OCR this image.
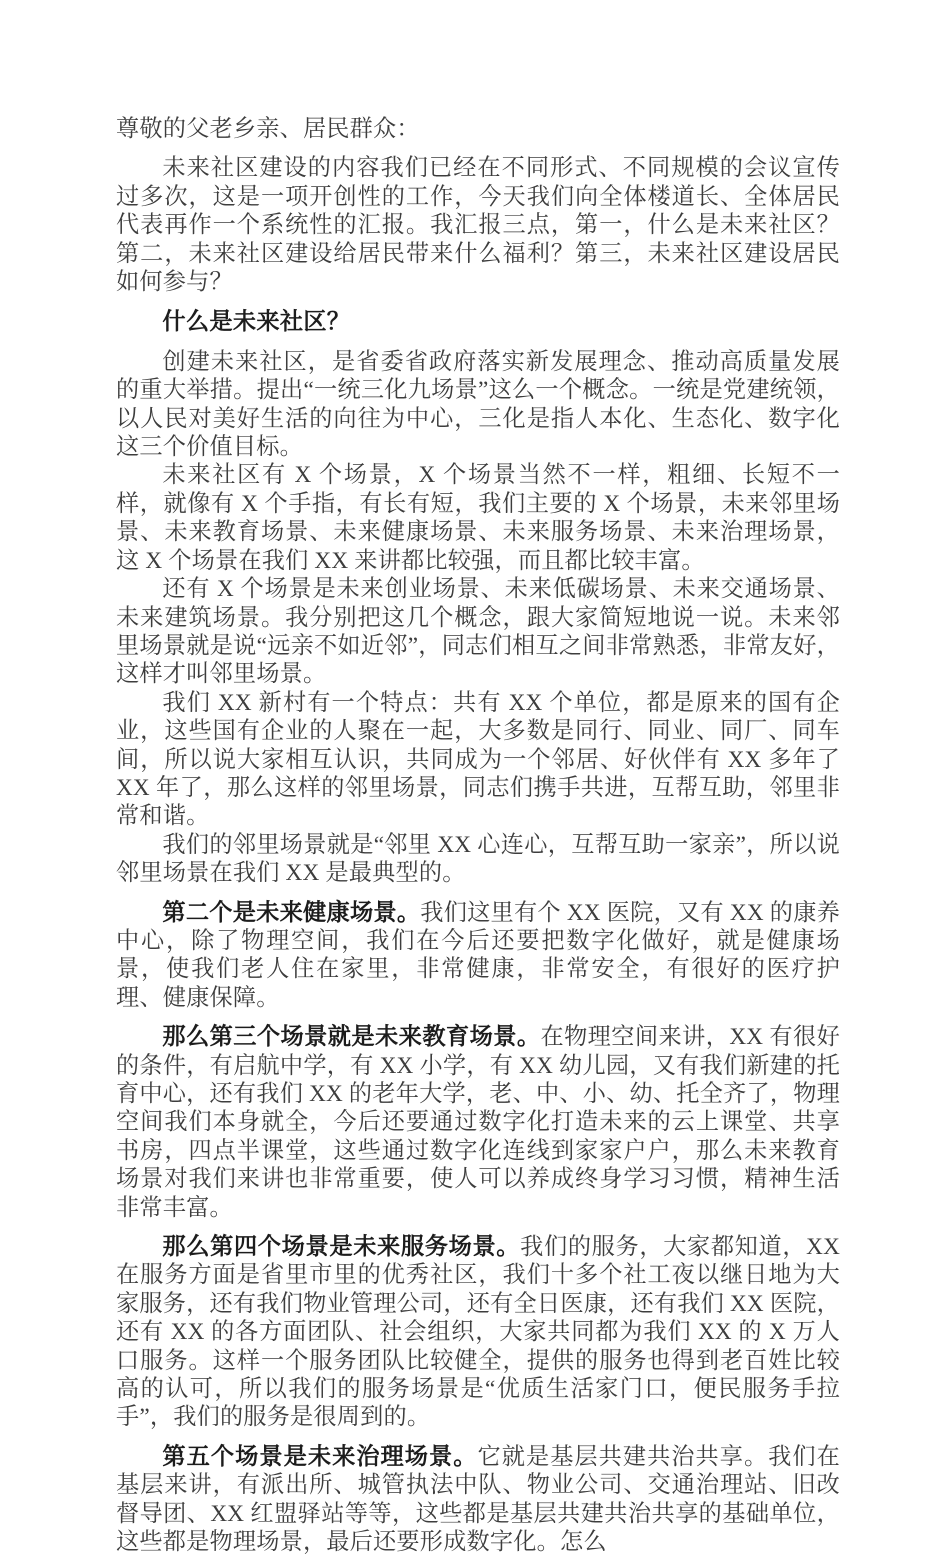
尊敬的父老乡亲、居民群众：

未来社区建设的内容我们已经在不同形式、不同规模的会议宣传过多次，这是一项开创性的工作，今天我们向全体楼道长、全体居民代表再作一个系统性的汇报。我汇报三点，第一，什么是未来社区？第二，未来社区建设给居民带来什么福利？第三，未来社区建设居民如何参与？

什么是未来社区？

创建未来社区，是省委省政府落实新发展理念、推动高质量发展的重大举措。提出“一统三化九场景”这么一个概念。一统是党建统领，以人民对美好生活的向往为中心，三化是指人本化、生态化、数字化这三个价值目标。

未来社区有 X 个场景，X 个场景当然不一样，粗细、长短不一样，就像有 X 个手指，有长有短，我们主要的 X 个场景，未来邻里场景、未来教育场景、未来健康场景、未来服务场景、未来治理场景，这 X 个场景在我们 XX 来讲都比较强，而且都比较丰富。

还有 X 个场景是未来创业场景、未来低碳场景、未来交通场景、未来建筑场景。我分别把这几个概念，跟大家简短地说一说。未来邻里场景就是说“远亲不如近邻”，同志们相互之间非常熟悉，非常友好，这样才叫邻里场景。

我们 XX 新村有一个特点：共有 XX 个单位，都是原来的国有企业，这些国有企业的人聚在一起，大多数是同行、同业、同厂、同车间，所以说大家相互认识，共同成为一个邻居、好伙伴有 XX 多年了 XX 年了，那么这样的邻里场景，同志们携手共进，互帮互助，邻里非常和谐。

我们的邻里场景就是“邻里 XX 心连心，互帮互助一家亲”，所以说邻里场景在我们 XX 是最典型的。

第二个是未来健康场景。我们这里有个 XX 医院，又有 XX 的康养中心，除了物理空间，我们在今后还要把数字化做好，就是健康场景，使我们老人住在家里，非常健康，非常安全，有很好的医疗护理、健康保障。

那么第三个场景就是未来教育场景。在物理空间来讲，XX 有很好的条件，有启航中学，有 XX 小学，有 XX 幼儿园，又有我们新建的托育中心，还有我们 XX 的老年大学，老、中、小、幼、托全齐了，物理空间我们本身就全，今后还要通过数字化打造未来的云上课堂、共享书房，四点半课堂，这些通过数字化连线到家家户户，那么未来教育场景对我们来讲也非常重要，使人可以养成终身学习习惯，精神生活非常丰富。

那么第四个场景是未来服务场景。我们的服务，大家都知道，XX 在服务方面是省里市里的优秀社区，我们十多个社工夜以继日地为大家服务，还有我们物业管理公司，还有全日医康，还有我们 XX 医院，还有 XX 的各方面团队、社会组织，大家共同都为我们 XX 的 X 万人口服务。这样一个服务团队比较健全，提供的服务也得到老百姓比较高的认可，所以我们的服务场景是“优质生活家门口，便民服务手拉手”，我们的服务是很周到的。

第五个场景是未来治理场景。它就是基层共建共治共享。我们在基层来讲，有派出所、城管执法中队、物业公司、交通治理站、旧改督导团、XX 红盟驿站等等，这些都是基层共建共治共享的基础单位，这些都是物理场景，最后还要形成数字化。怎么
